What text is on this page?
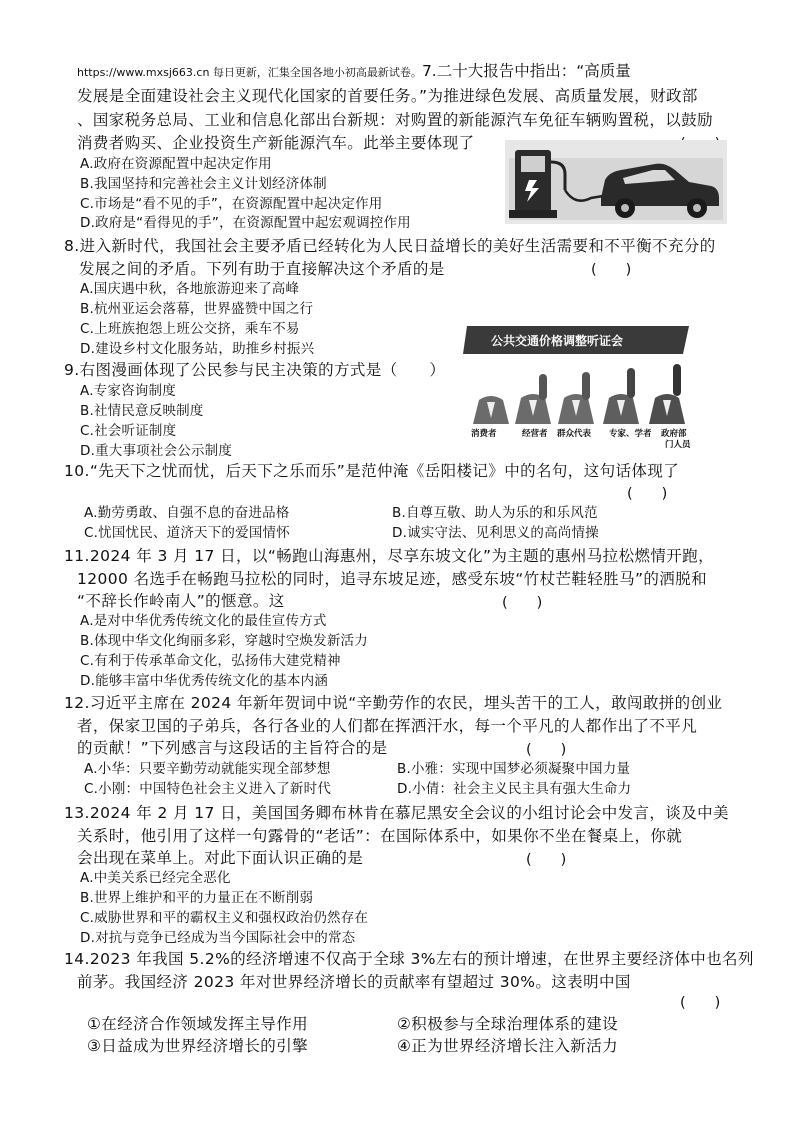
https://www.mxsj663.cn 每日更新，汇集全国各地小初高最新试卷。7.二十大报告中指出：“高质量
发展是全面建设社会主义现代化国家的首要任务。”为推进绿色发展、高质量发展，财政部
、国家税务总局、工业和信息化部出台新规：对购置的新能源汽车免征车辆购置税，以鼓励
消费者购买、企业投资生产新能源汽车。此举主要体现了
A.政府在资源配置中起决定作用
B.我国坚持和完善社会主义计划经济体制
C.市场是“看不见的手”，在资源配置中起决定作用
D.政府是“看得见的手”，在资源配置中起宏观调控作用
8.进入新时代，我国社会主要矛盾已经转化为人民日益增长的美好生活需要和不平衡不充分的
发展之间的矛盾。下列有助于直接解决这个矛盾的是	(　　)
A.国庆遇中秋，各地旅游迎来了高峰
B.杭州亚运会落幕，世界盛赞中国之行
C.上班族抱怨上班公交挤，乘车不易
D.建设乡村文化服务站，助推乡村振兴
9.右图漫画体现了公民参与民主决策的方式是（　　）
A.专家咨询制度
B.社情民意反映制度
C.社会听证制度
D.重大事项社会公示制度
公共交通价格调整听证会
消费者	经营者 群众代表 专家、学者 政府部
门人员
10.“先天下之忧而忧，后天下之乐而乐”是范仲淹《岳阳楼记》中的名句，这句话体现了
(　　)
A.勤劳勇敢、自强不息的奋进品格	B.自尊互敬、助人为乐的和乐风范
C.忧国忧民、道济天下的爱国情怀	D.诚实守法、见利思义的高尚情操
11.2024 年 3 月 17 日，以“畅跑山海惠州，尽享东坡文化”为主题的惠州马拉松燃情开跑，
12000 名选手在畅跑马拉松的同时，追寻东坡足迹，感受东坡“竹杖芒鞋轻胜马”的洒脱和
“不辞长作岭南人”的惬意。这	(　　)
A.是对中华优秀传统文化的最佳宣传方式
B.体现中华文化绚丽多彩，穿越时空焕发新活力
C.有利于传承革命文化，弘扬伟大建党精神
D.能够丰富中华优秀传统文化的基本内涵
12.习近平主席在 2024 年新年贺词中说“辛勤劳作的农民，埋头苦干的工人，敢闯敢拼的创业
者，保家卫国的子弟兵，各行各业的人们都在挥洒汗水，每一个平凡的人都作出了不平凡
的贡献！”下列感言与这段话的主旨符合的是	(　　)
A.小华：只要辛勤劳动就能实现全部梦想	B.小雅：实现中国梦必须凝聚中国力量
C.小刚：中国特色社会主义进入了新时代	D.小倩：社会主义民主具有强大生命力
13.2024 年 2 月 17 日，美国国务卿布林肯在慕尼黑安全会议的小组讨论会中发言，谈及中美
关系时，他引用了这样一句露骨的“老话”：在国际体系中，如果你不坐在餐桌上，你就
会出现在菜单上。对此下面认识正确的是	(　　)
A.中美关系已经完全恶化
B.世界上维护和平的力量正在不断削弱
C.威胁世界和平的霸权主义和强权政治仍然存在
D.对抗与竞争已经成为当今国际社会中的常态
14.2023 年我国 5.2%的经济增速不仅高于全球 3%左右的预计增速，在世界主要经济体中也名列
前茅。我国经济 2023 年对世界经济增长的贡献率有望超过 30%。这表明中国
(　　)
①在经济合作领域发挥主导作用	②积极参与全球治理体系的建设
③日益成为世界经济增长的引擎	④正为世界经济增长注入新活力
